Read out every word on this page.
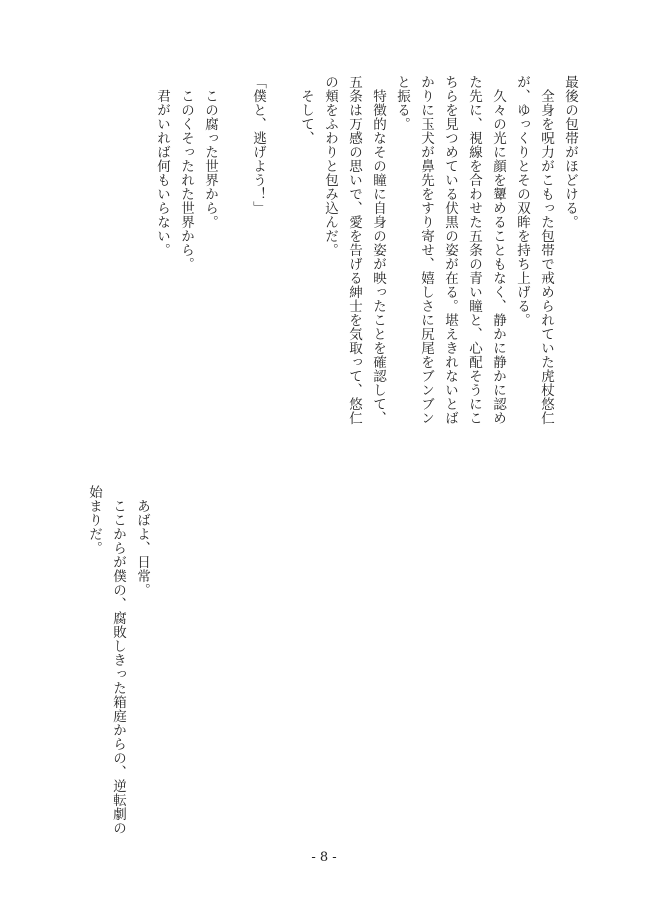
最後の包帯がほどける。
　全身を呪力がこもった包帯で戒められていた虎杖悠仁
が、ゆっくりとその双眸を持ち上げる。
　久々の光に顔を顰めることもなく、静かに静かに認め
た先に、視線を合わせた五条の青い瞳と、心配そうにこ
ちらを見つめている伏黒の姿が在る。堪えきれないとば
かりに玉犬が鼻先をすり寄せ、嬉しさに尻尾をブンブン
と振る。
　特徴的なその瞳に自身の姿が映ったことを確認して、
五条は万感の思いで、愛を告げる紳士を気取って、悠仁
の頬をふわりと包み込んだ。
　そして、
「僕と、逃げよう！」
　この腐った世界から。
　このくそったれた世界から。
　君がいれば何もいらない。
　あばよ、日常。
　ここからが僕の、腐敗しきった箱庭からの、逆転劇の
始まりだ。
- 8 -
